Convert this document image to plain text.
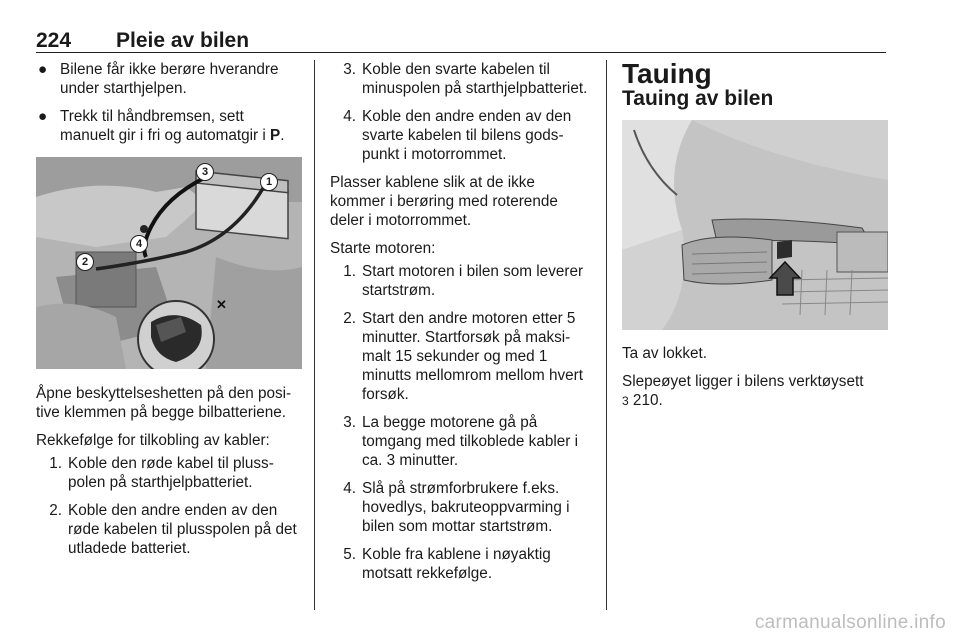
224 Pleie av bilen
● Bilene får ikke berøre hverandre under starthjelpen.
● Trekk til håndbremsen, sett manuelt gir i fri og automatgir i P.
✕
1
2
3
4

Åpne beskyttelseshetten på den positive klemmen på begge bilbatteriene.

Rekkefølge for tilkobling av kabler:

1. Koble den røde kabel til plusspolen på starthjelpbatteriet.
2. Koble den andre enden av den røde kabelen til plusspolen på det utladede batteriet.
3. Koble den svarte kabelen til minuspolen på starthjelpbatteriet.
4. Koble den andre enden av den svarte kabelen til bilens godspunkt i motorrommet.

Plasser kablene slik at de ikke kommer i berøring med roterende deler i motorrommet.

Starte motoren:

1. Start motoren i bilen som leverer startstrøm.
2. Start den andre motoren etter 5 minutter. Startforsøk på maksimalt 15 sekunder og med 1 minutts mellomrom mellom hvert forsøk.
3. La begge motorene gå på tomgang med tilkoblede kabler i ca. 3 minutter.
4. Slå på strømforbrukere f.eks. hovedlys, bakruteoppvarming i bilen som mottar startstrøm.
5. Koble fra kablene i nøyaktig motsatt rekkefølge.
Tauing
Tauing av bilen

Ta av lokket.

Slepeøyet ligger i bilens verktøysett
3 210.

carmanualsonline.info
